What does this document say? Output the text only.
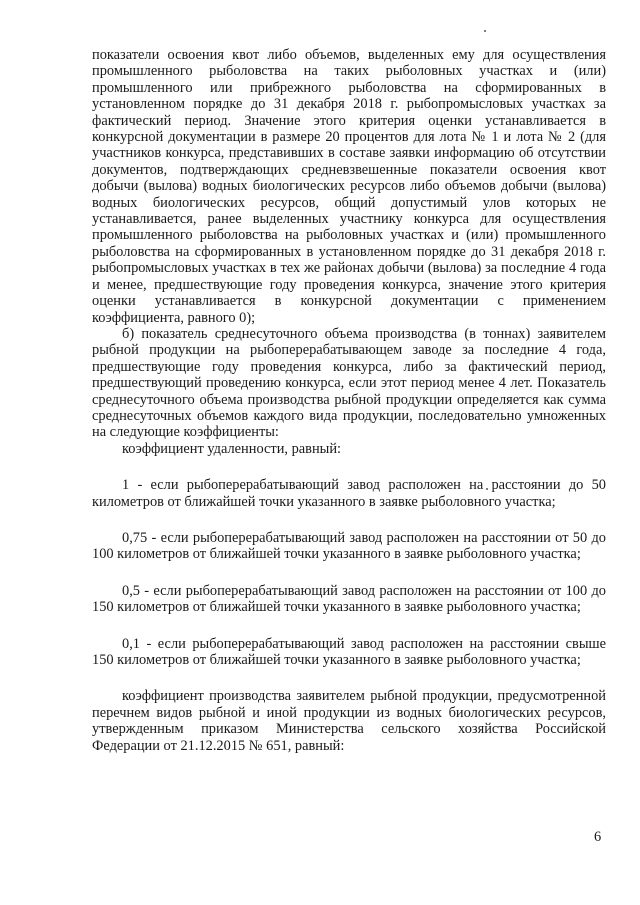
показатели освоения квот либо объемов, выделенных ему для осуществления промышленного рыболовства на таких рыболовных участках и (или) промышленного или прибрежного рыболовства на сформированных в установленном порядке до 31 декабря 2018 г. рыбопромысловых участках за фактический период. Значение этого критерия оценки устанавливается в конкурсной документации в размере 20 процентов для лота № 1 и лота № 2 (для участников конкурса, представивших в составе заявки информацию об отсутствии документов, подтверждающих средневзвешенные показатели освоения квот добычи (вылова) водных биологических ресурсов либо объемов добычи (вылова) водных биологических ресурсов, общий допустимый улов которых не устанавливается, ранее выделенных участнику конкурса для осуществления промышленного рыболовства на рыболовных участках и (или) промышленного рыболовства на сформированных в установленном порядке до 31 декабря 2018 г. рыбопромысловых участках в тех же районах добычи (вылова) за последние 4 года и менее, предшествующие году проведения конкурса, значение этого критерия оценки устанавливается в конкурсной документации с применением коэффициента, равного 0);

б) показатель среднесуточного объема производства (в тоннах) заявителем рыбной продукции на рыбоперерабатывающем заводе за последние 4 года, предшествующие году проведения конкурса, либо за фактический период, предшествующий проведению конкурса, если этот период менее 4 лет. Показатель среднесуточного объема производства рыбной продукции определяется как сумма среднесуточных объемов каждого вида продукции, последовательно умноженных на следующие коэффициенты:

коэффициент удаленности, равный:

1 - если рыбоперерабатывающий завод расположен на расстоянии до 50 километров от ближайшей точки указанного в заявке рыболовного участка;

0,75 - если рыбоперерабатывающий завод расположен на расстоянии от 50 до 100 километров от ближайшей точки указанного в заявке рыболовного участка;

0,5 - если рыбоперерабатывающий завод расположен на расстоянии от 100 до 150 километров от ближайшей точки указанного в заявке рыболовного участка;

0,1 - если рыбоперерабатывающий завод расположен на расстоянии свыше 150 километров от ближайшей точки указанного в заявке рыболовного участка;

коэффициент производства заявителем рыбной продукции, предусмотренной перечнем видов рыбной и иной продукции из водных биологических ресурсов, утвержденным приказом Министерства сельского хозяйства Российской Федерации от 21.12.2015 № 651, равный:

6
